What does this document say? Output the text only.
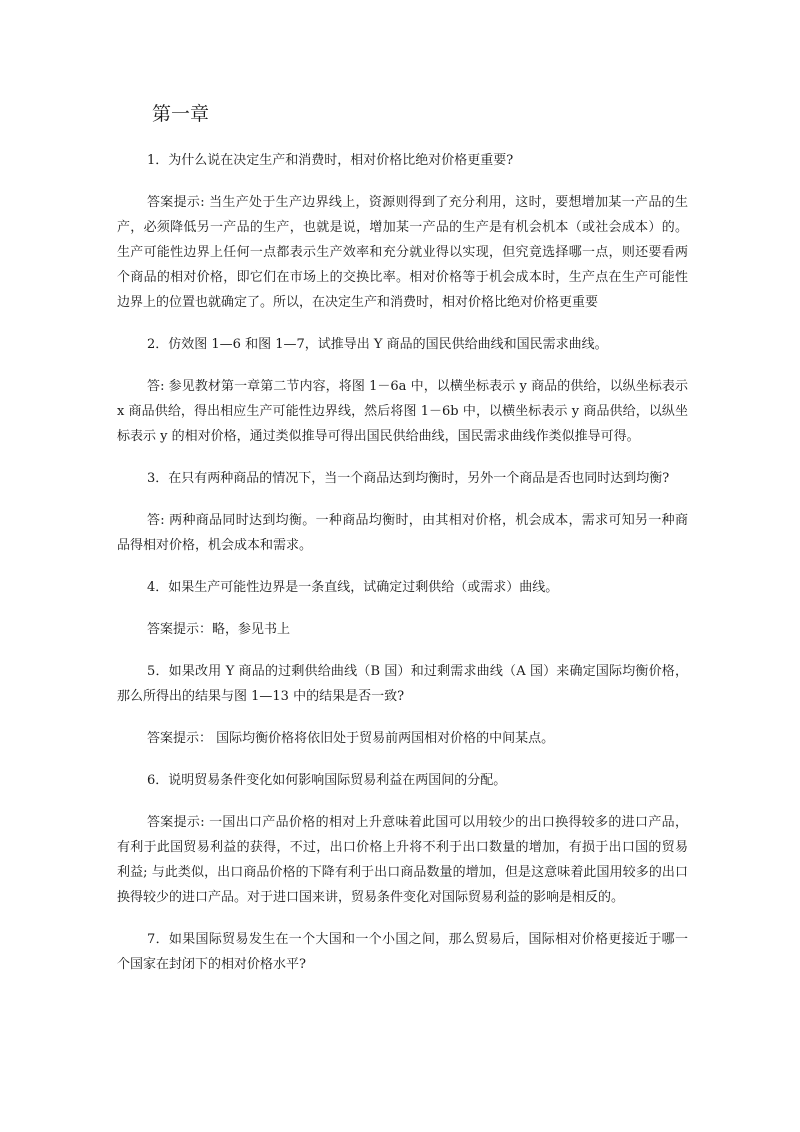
第一章

1．为什么说在决定生产和消费时，相对价格比绝对价格更重要?

答案提示: 当生产处于生产边界线上，资源则得到了充分利用，这时，要想增加某一产品的生产，必须降低另一产品的生产，也就是说，增加某一产品的生产是有机会机本（或社会成本）的。生产可能性边界上任何一点都表示生产效率和充分就业得以实现，但究竟选择哪一点，则还要看两个商品的相对价格，即它们在市场上的交换比率。相对价格等于机会成本时，生产点在生产可能性边界上的位置也就确定了。所以，在决定生产和消费时，相对价格比绝对价格更重要

2．仿效图 1—6 和图 1—7，试推导出 Y 商品的国民供给曲线和国民需求曲线。

答: 参见教材第一章第二节内容，将图 1－6a 中，以横坐标表示 y 商品的供给，以纵坐标表示 x 商品供给，得出相应生产可能性边界线，然后将图 1－6b 中，以横坐标表示 y 商品供给，以纵坐标表示 y 的相对价格，通过类似推导可得出国民供给曲线，国民需求曲线作类似推导可得。

3．在只有两种商品的情况下，当一个商品达到均衡时，另外一个商品是否也同时达到均衡?

答: 两种商品同时达到均衡。一种商品均衡时，由其相对价格，机会成本，需求可知另一种商品得相对价格，机会成本和需求。

4．如果生产可能性边界是一条直线，试确定过剩供给（或需求）曲线。

答案提示：略，参见书上

5．如果改用 Y 商品的过剩供给曲线（B 国）和过剩需求曲线（A 国）来确定国际均衡价格，那么所得出的结果与图 1—13 中的结果是否一致?

答案提示： 国际均衡价格将依旧处于贸易前两国相对价格的中间某点。

6．说明贸易条件变化如何影响国际贸易利益在两国间的分配。

答案提示: 一国出口产品价格的相对上升意味着此国可以用较少的出口换得较多的进口产品，有利于此国贸易利益的获得，不过，出口价格上升将不利于出口数量的增加，有损于出口国的贸易利益; 与此类似，出口商品价格的下降有利于出口商品数量的增加，但是这意味着此国用较多的出口换得较少的进口产品。对于进口国来讲，贸易条件变化对国际贸易利益的影响是相反的。

7．如果国际贸易发生在一个大国和一个小国之间，那么贸易后，国际相对价格更接近于哪一个国家在封闭下的相对价格水平?
